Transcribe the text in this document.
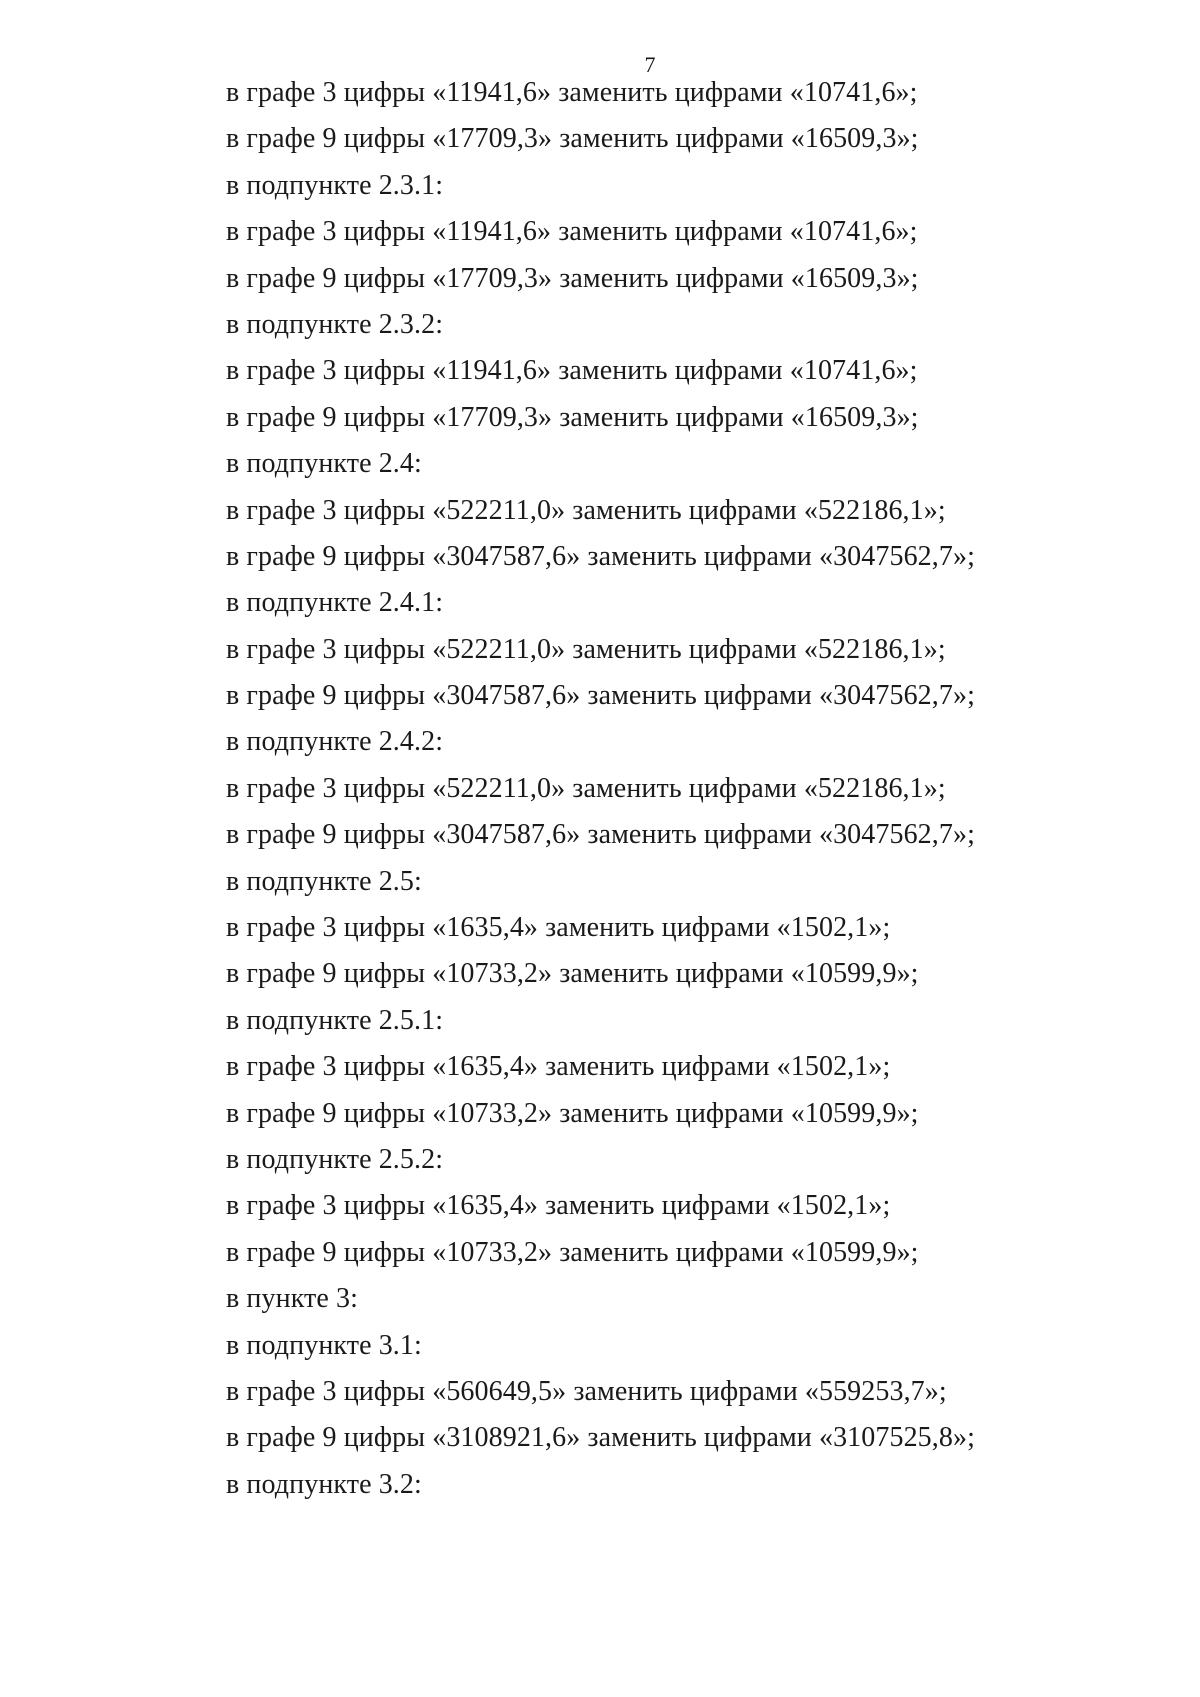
7
в графе 3 цифры «11941,6» заменить цифрами «10741,6»;
в графе 9 цифры «17709,3» заменить цифрами «16509,3»;
в подпункте 2.3.1:
в графе 3 цифры «11941,6» заменить цифрами «10741,6»;
в графе 9 цифры «17709,3» заменить цифрами «16509,3»;
в подпункте 2.3.2:
в графе 3 цифры «11941,6» заменить цифрами «10741,6»;
в графе 9 цифры «17709,3» заменить цифрами «16509,3»;
в подпункте 2.4:
в графе 3 цифры «522211,0» заменить цифрами «522186,1»;
в графе 9 цифры «3047587,6» заменить цифрами «3047562,7»;
в подпункте 2.4.1:
в графе 3 цифры «522211,0» заменить цифрами «522186,1»;
в графе 9 цифры «3047587,6» заменить цифрами «3047562,7»;
в подпункте 2.4.2:
в графе 3 цифры «522211,0» заменить цифрами «522186,1»;
в графе 9 цифры «3047587,6» заменить цифрами «3047562,7»;
в подпункте 2.5:
в графе 3 цифры «1635,4» заменить цифрами «1502,1»;
в графе 9 цифры «10733,2» заменить цифрами «10599,9»;
в подпункте 2.5.1:
в графе 3 цифры «1635,4» заменить цифрами «1502,1»;
в графе 9 цифры «10733,2» заменить цифрами «10599,9»;
в подпункте 2.5.2:
в графе 3 цифры «1635,4» заменить цифрами «1502,1»;
в графе 9 цифры «10733,2» заменить цифрами «10599,9»;
в пункте 3:
в подпункте 3.1:
в графе 3 цифры «560649,5» заменить цифрами «559253,7»;
в графе 9 цифры «3108921,6» заменить цифрами «3107525,8»;
в подпункте 3.2:
